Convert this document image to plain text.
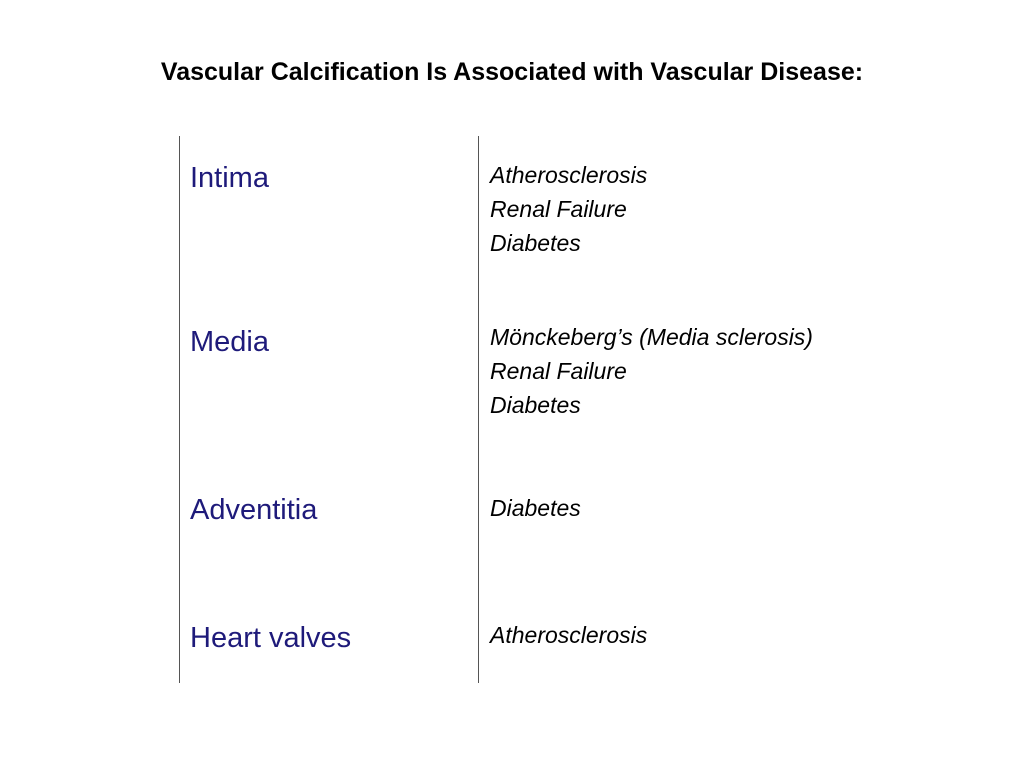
Vascular Calcification Is Associated with Vascular Disease:
Intima	Atherosclerosis
Renal Failure
Diabetes
Media	Mönckeberg’s (Media sclerosis)
Renal Failure
Diabetes
Adventitia	Diabetes
Heart valves	Atherosclerosis
